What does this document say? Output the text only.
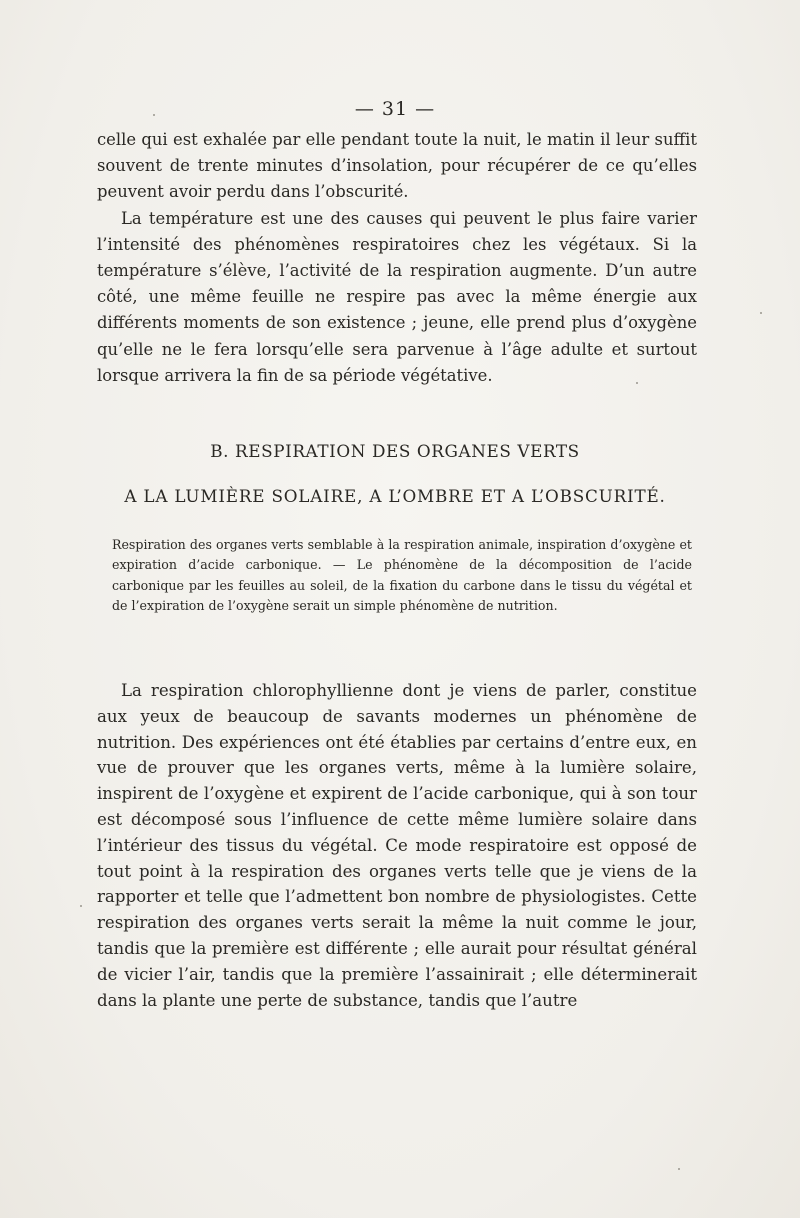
— 31 —

celle qui est exhalée par elle pendant toute la nuit, le matin il leur suffit souvent de trente minutes d’insolation, pour récupérer de ce qu’elles peuvent avoir perdu dans l’obscurité.

La température est une des causes qui peuvent le plus faire varier l’intensité des phénomènes respiratoires chez les végétaux. Si la température s’élève, l’activité de la respiration augmente. D’un autre côté, une même feuille ne respire pas avec la même énergie aux différents moments de son existence ; jeune, elle prend plus d’oxygène qu’elle ne le fera lorsqu’elle sera parvenue à l’âge adulte et surtout lorsque arrivera la fin de sa période végétative.

B. RESPIRATION DES ORGANES VERTS
A LA LUMIÈRE SOLAIRE, A L’OMBRE ET A L’OBSCURITÉ.

Respiration des organes verts semblable à la respiration animale, inspiration d’oxygène et expiration d’acide carbonique. — Le phénomène de la décomposition de l’acide carbonique par les feuilles au soleil, de la fixation du carbone dans le tissu du végétal et de l’expiration de l’oxygène serait un simple phénomène de nutrition.

La respiration chlorophyllienne dont je viens de parler, constitue aux yeux de beaucoup de savants modernes un phénomène de nutrition. Des expériences ont été établies par certains d’entre eux, en vue de prouver que les organes verts, même à la lumière solaire, inspirent de l’oxygène et expirent de l’acide carbonique, qui à son tour est décomposé sous l’influence de cette même lumière solaire dans l’intérieur des tissus du végétal. Ce mode respiratoire est opposé de tout point à la respiration des organes verts telle que je viens de la rapporter et telle que l’admettent bon nombre de physiologistes. Cette respiration des organes verts serait la même la nuit comme le jour, tandis que la première est différente ; elle aurait pour résultat général de vicier l’air, tandis que la première l’assainirait ; elle déterminerait dans la plante une perte de substance, tandis que l’autre
